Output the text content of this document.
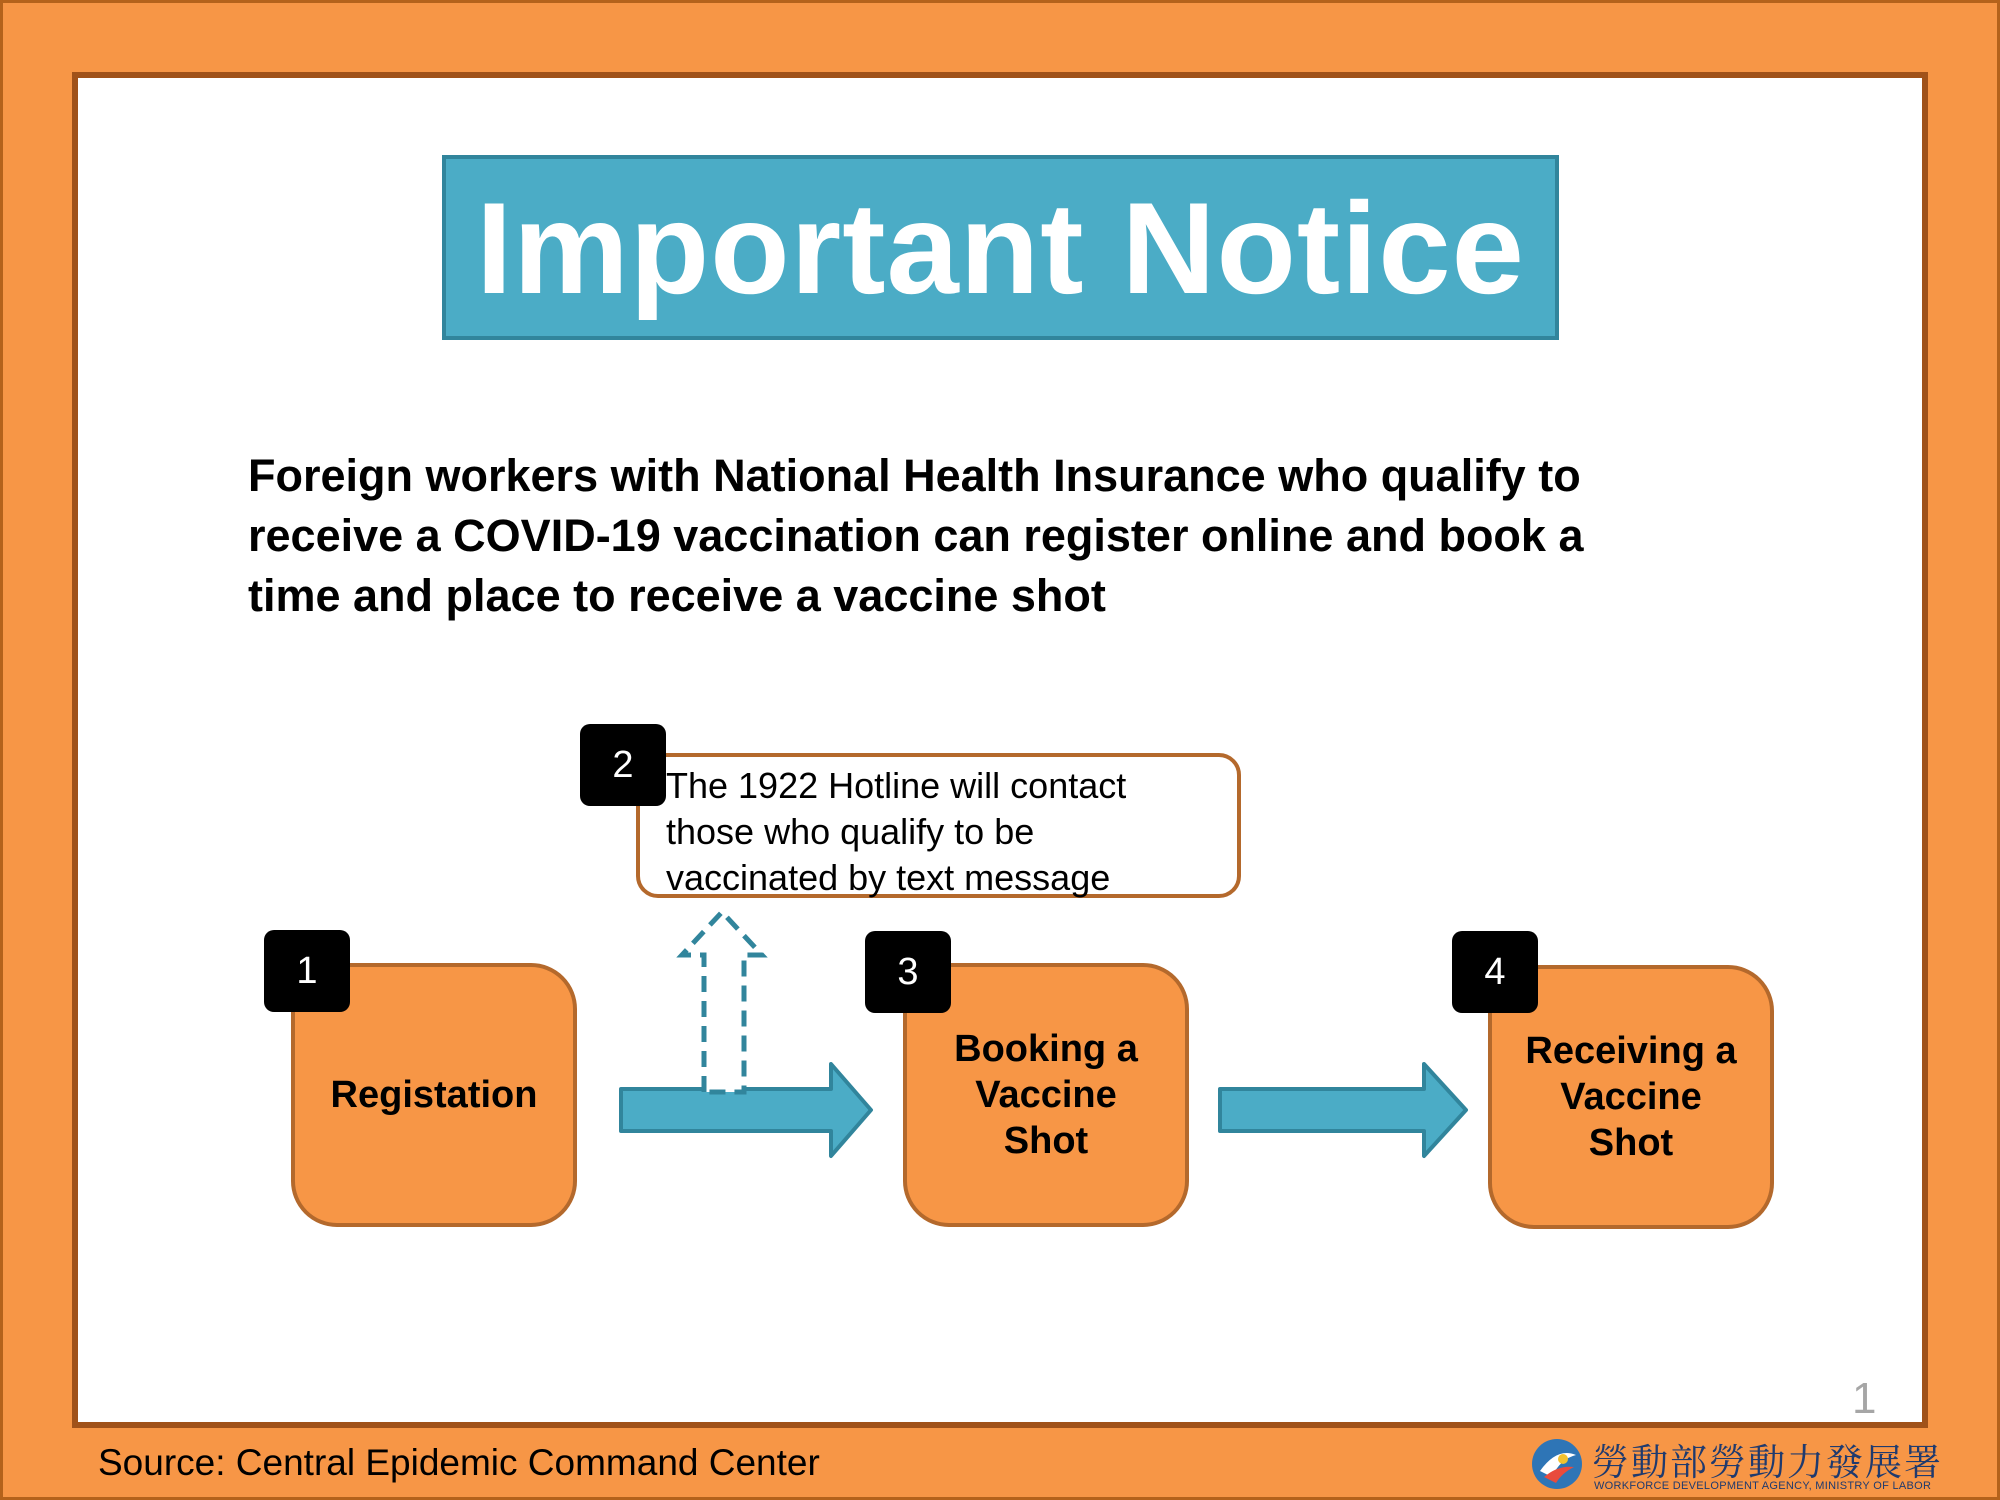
Important Notice
Foreign workers with National Health Insurance who qualify to
receive a COVID-19 vaccination can register online and book a
time and place to receive a vaccine shot
The 1922 Hotline will contact
those who qualify to be
vaccinated by text message
2
Registation
1
Booking a
Vaccine
Shot
3
Receiving a
Vaccine
Shot
4
1
Source: Central Epidemic Command Center	勞動部勞動力發展署
WORKFORCE DEVELOPMENT AGENCY, MINISTRY OF LABOR
